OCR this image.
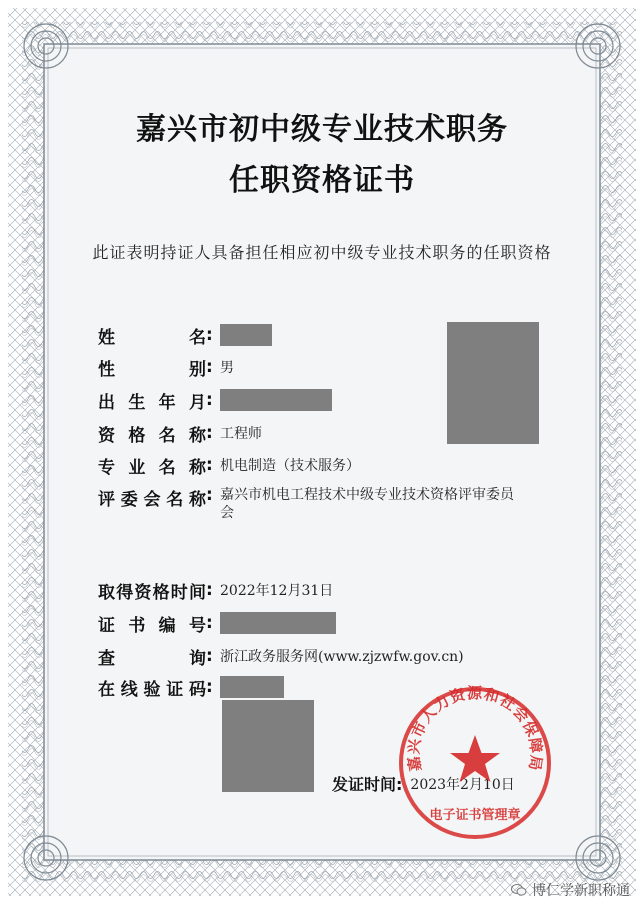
嘉兴市初中级专业技术职务
任职资格证书
此证表明持证人具备担任相应初中级专业技术职务的任职资格
姓	名 :
性	别 : 男
出 生 年 月 :
资 格 名 称 : 工程师
专 业 名 称 : 机电制造（技术服务）
评 委 会 名 称 : 嘉兴市机电工程技术中级专业技术资格评审委员
会
取 得 资 格 时 间 : 2022年12月31日
证 书 编 号 :
查	询 : 浙江政务服务网(www.zjzwfw.gov.cn)
在 线 验 证 码 :
发证时间: 2023年2月10日
嘉兴市人力资源和社会保障局
电子证书管理章
博仁学新职称通
